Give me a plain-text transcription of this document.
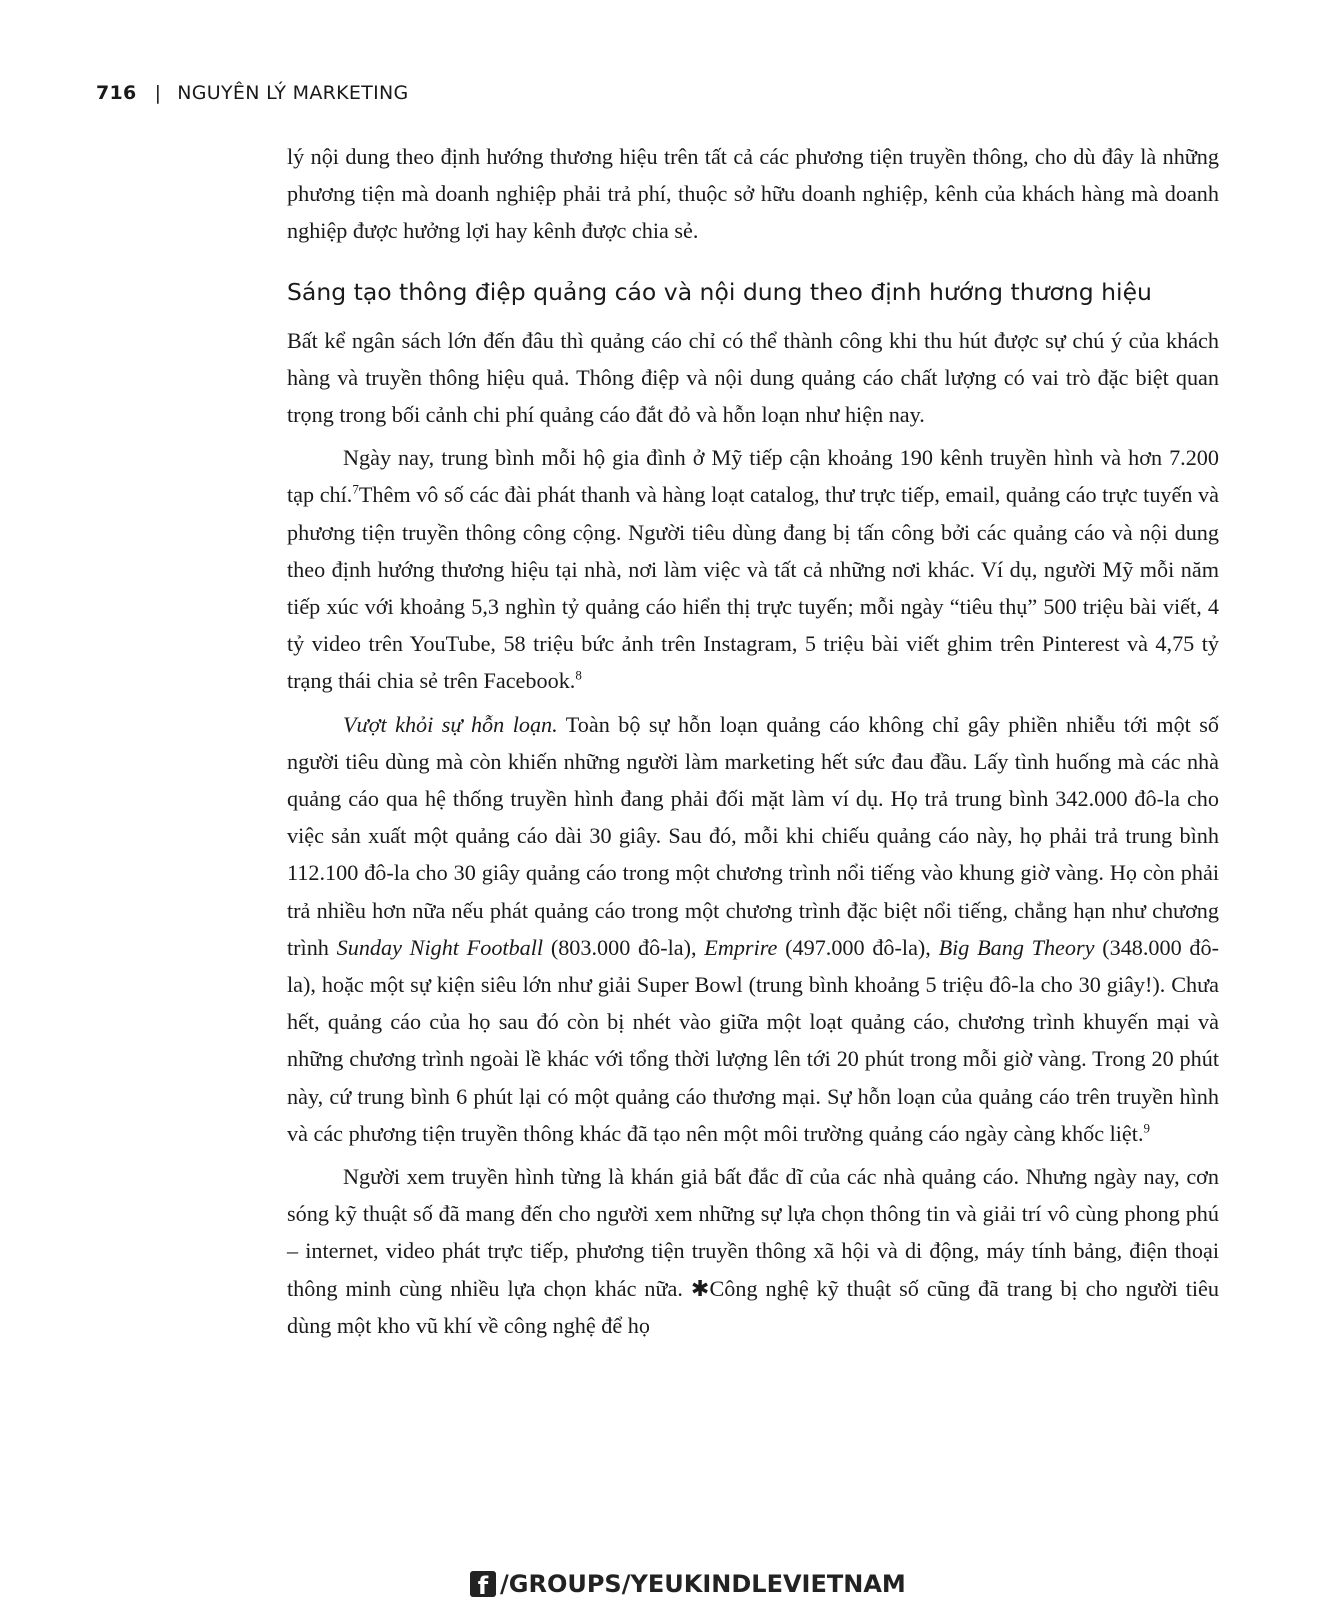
716 | NGUYÊN LÝ MARKETING

lý nội dung theo định hướng thương hiệu trên tất cả các phương tiện truyền thông, cho dù đây là những phương tiện mà doanh nghiệp phải trả phí, thuộc sở hữu doanh nghiệp, kênh của khách hàng mà doanh nghiệp được hưởng lợi hay kênh được chia sẻ.

Sáng tạo thông điệp quảng cáo và nội dung theo định hướng thương hiệu

Bất kể ngân sách lớn đến đâu thì quảng cáo chỉ có thể thành công khi thu hút được sự chú ý của khách hàng và truyền thông hiệu quả. Thông điệp và nội dung quảng cáo chất lượng có vai trò đặc biệt quan trọng trong bối cảnh chi phí quảng cáo đắt đỏ và hỗn loạn như hiện nay.

Ngày nay, trung bình mỗi hộ gia đình ở Mỹ tiếp cận khoảng 190 kênh truyền hình và hơn 7.200 tạp chí.$^7$Thêm vô số các đài phát thanh và hàng loạt catalog, thư trực tiếp, email, quảng cáo trực tuyến và phương tiện truyền thông công cộng. Người tiêu dùng đang bị tấn công bởi các quảng cáo và nội dung theo định hướng thương hiệu tại nhà, nơi làm việc và tất cả những nơi khác. Ví dụ, người Mỹ mỗi năm tiếp xúc với khoảng 5,3 nghìn tỷ quảng cáo hiển thị trực tuyến; mỗi ngày “tiêu thụ” 500 triệu bài viết, 4 tỷ video trên YouTube, 58 triệu bức ảnh trên Instagram, 5 triệu bài viết ghim trên Pinterest và 4,75 tỷ trạng thái chia sẻ trên Facebook.$^8$

Vượt khỏi sự hỗn loạn. Toàn bộ sự hỗn loạn quảng cáo không chỉ gây phiền nhiễu tới một số người tiêu dùng mà còn khiến những người làm marketing hết sức đau đầu. Lấy tình huống mà các nhà quảng cáo qua hệ thống truyền hình đang phải đối mặt làm ví dụ. Họ trả trung bình 342.000 đô-la cho việc sản xuất một quảng cáo dài 30 giây. Sau đó, mỗi khi chiếu quảng cáo này, họ phải trả trung bình 112.100 đô-la cho 30 giây quảng cáo trong một chương trình nổi tiếng vào khung giờ vàng. Họ còn phải trả nhiều hơn nữa nếu phát quảng cáo trong một chương trình đặc biệt nổi tiếng, chẳng hạn như chương trình Sunday Night Football (803.000 đô-la), Emprire (497.000 đô-la), Big Bang Theory (348.000 đô-la), hoặc một sự kiện siêu lớn như giải Super Bowl (trung bình khoảng 5 triệu đô-la cho 30 giây!). Chưa hết, quảng cáo của họ sau đó còn bị nhét vào giữa một loạt quảng cáo, chương trình khuyến mại và những chương trình ngoài lề khác với tổng thời lượng lên tới 20 phút trong mỗi giờ vàng. Trong 20 phút này, cứ trung bình 6 phút lại có một quảng cáo thương mại. Sự hỗn loạn của quảng cáo trên truyền hình và các phương tiện truyền thông khác đã tạo nên một môi trường quảng cáo ngày càng khốc liệt.$^9$

Người xem truyền hình từng là khán giả bất đắc dĩ của các nhà quảng cáo. Nhưng ngày nay, cơn sóng kỹ thuật số đã mang đến cho người xem những sự lựa chọn thông tin và giải trí vô cùng phong phú – internet, video phát trực tiếp, phương tiện truyền thông xã hội và di động, máy tính bảng, điện thoại thông minh cùng nhiều lựa chọn khác nữa. ✱Công nghệ kỹ thuật số cũng đã trang bị cho người tiêu dùng một kho vũ khí về công nghệ để họ

f /GROUPS/YEUKINDLEVIETNAM
